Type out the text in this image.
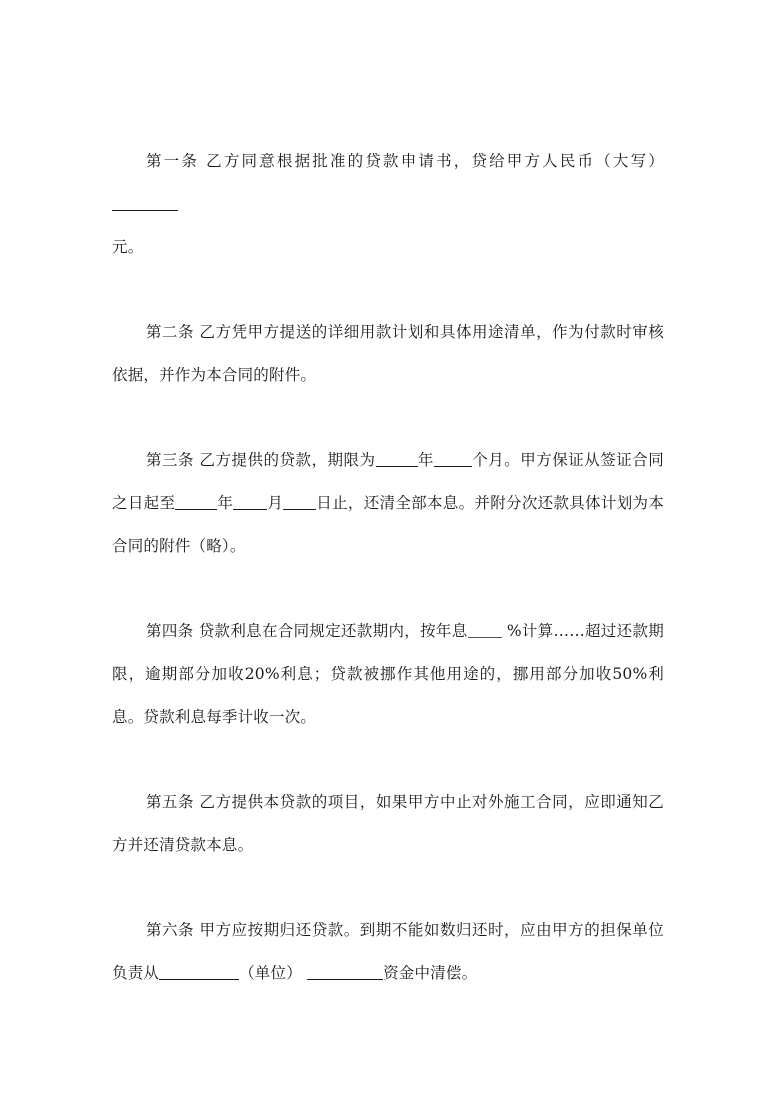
第一条 乙方同意根据批准的贷款申请书，贷给甲方人民币（大写）
元。

第二条 乙方凭甲方提送的详细用款计划和具体用途清单，作为付款时审核依据，并作为本合同的附件。

第三条 乙方提供的贷款，期限为	年 个月。甲方保证从签证合同之日起至	年 月 日止，还清全部本息。并附分次还款具体计划为本合同的附件（略）。

第四条 贷款利息在合同规定还款期内，按年息	%计算……超过还款期限，逾期部分加收20%利息；贷款被挪作其他用途的，挪用部分加收50%利息。贷款利息每季计收一次。

第五条 乙方提供本贷款的项目，如果甲方中止对外施工合同，应即通知乙方并还清贷款本息。

第六条 甲方应按期归还贷款。到期不能如数归还时，应由甲方的担保单位负责从	（单位）	资金中清偿。
